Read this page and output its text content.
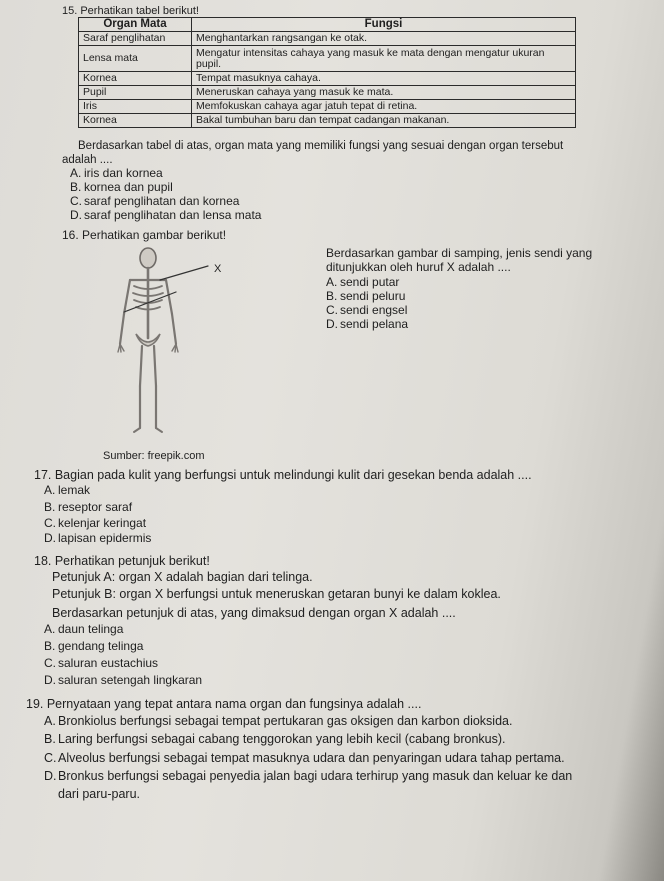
15. Perhatikan tabel berikut!
Organ Mata	Fungsi
Saraf penglihatan	Menghantarkan rangsangan ke otak.
Lensa mata	Mengatur intensitas cahaya yang masuk ke mata dengan mengatur ukuran pupil.
Kornea	Tempat masuknya cahaya.
Pupil	Meneruskan cahaya yang masuk ke mata.
Iris	Memfokuskan cahaya agar jatuh tepat di retina.
Kornea	Bakal tumbuhan baru dan tempat cadangan makanan.
Berdasarkan tabel di atas, organ mata yang memiliki fungsi yang sesuai dengan organ tersebut
adalah ....
A. iris dan kornea
B. kornea dan pupil
C. saraf penglihatan dan kornea
D. saraf penglihatan dan lensa mata
16. Perhatikan gambar berikut!
X
Sumber: freepik.com
Berdasarkan gambar di samping, jenis sendi yang
ditunjukkan oleh huruf X adalah ....
A. sendi putar
B. sendi peluru
C. sendi engsel
D. sendi pelana
17. Bagian pada kulit yang berfungsi untuk melindungi kulit dari gesekan benda adalah ....
A. lemak
B. reseptor saraf
C. kelenjar keringat
D. lapisan epidermis
18. Perhatikan petunjuk berikut!
Petunjuk A: organ X adalah bagian dari telinga.
Petunjuk B: organ X berfungsi untuk meneruskan getaran bunyi ke dalam koklea.
Berdasarkan petunjuk di atas, yang dimaksud dengan organ X adalah ....
A. daun telinga
B. gendang telinga
C. saluran eustachius
D. saluran setengah lingkaran
19. Pernyataan yang tepat antara nama organ dan fungsinya adalah ....
A. Bronkiolus berfungsi sebagai tempat pertukaran gas oksigen dan karbon dioksida.
B. Laring berfungsi sebagai cabang tenggorokan yang lebih kecil (cabang bronkus).
C. Alveolus berfungsi sebagai tempat masuknya udara dan penyaringan udara tahap pertama.
D. Bronkus berfungsi sebagai penyedia jalan bagi udara terhirup yang masuk dan keluar ke dan
dari paru-paru.
